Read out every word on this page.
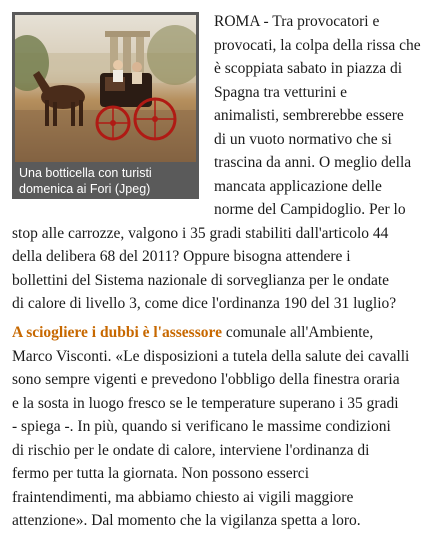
Una botticella con turisti
domenica ai Fori (Jpeg)
ROMA - Tra provocatori e
provocati, la colpa della rissa che
è scoppiata sabato in piazza di
Spagna tra vetturini e
animalisti, sembrerebbe essere
di un vuoto normativo che si
trascina da anni. O meglio della
mancata applicazione delle
norme del Campidoglio. Per lo
stop alle carrozze, valgono i 35 gradi stabiliti dall'articolo 44
della delibera 68 del 2011? Oppure bisogna attendere i
bollettini del Sistema nazionale di sorveglianza per le ondate
di calore di livello 3, come dice l'ordinanza 190 del 31 luglio?
A sciogliere i dubbi è l'assessore comunale all'Ambiente,
Marco Visconti. «Le disposizioni a tutela della salute dei cavalli
sono sempre vigenti e prevedono l'obbligo della finestra oraria
e la sosta in luogo fresco se le temperature superano i 35 gradi
- spiega -. In più, quando si verificano le massime condizioni
di rischio per le ondate di calore, interviene l'ordinanza di
fermo per tutta la giornata. Non possono esserci
fraintendimenti, ma abbiamo chiesto ai vigili maggiore
attenzione». Dal momento che la vigilanza spetta a loro.
